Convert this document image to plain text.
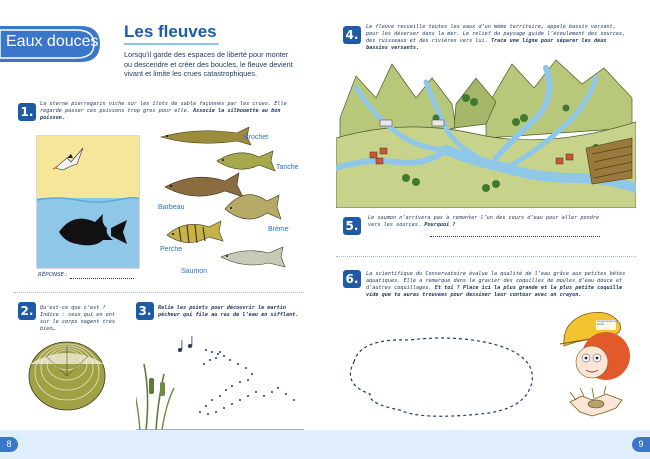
Eaux douces
Les fleuves
Lorsqu’il garde des espaces de liberté pour monter ou descendre et créer des boucles, le fleuve devient vivant et limite les crues catastrophiques.
1.
La sterne pierregarin niche sur les îlots de sable façonnés par les crues. Elle regarde passer ces poissons trop gros pour elle. Associe la silhouette au bon poisson.
RÉPONSE :
Brochet
Tanche
Barbeau
Brème
Perche
Saumon
2.	Qu’est-ce que c’est ?
Indice : ceux qui en ont sur le corps nagent très bien…
3.	Relie les points pour découvrir le martin pêcheur qui file au ras de l’eau en sifflant.
8
4.
Le fleuve recueille toutes les eaux d’un même territoire, appelé bassin versant, pour les déverser dans la mer. Le relief du paysage guide l’écoulement des sources, des ruisseaux et des rivières vers lui. Trace une ligne pour séparer les deux bassins versants.
5.
Le saumon n’arrivera pas à remonter l’un des cours d’eau pour aller pondre vers les sources. Pourquoi ?
6.	La scientifique du Conservatoire évalue la qualité de l’eau grâce aux petites bêtes aquatiques. Elle a remarqué dans le gravier des coquilles de moules d’eau douce et d’autres coquillages. Et toi ? Place ici la plus grande et la plus petite coquille vide que tu auras trouvées pour dessiner leur contour avec un crayon.
Conservatoire du littoral
9
